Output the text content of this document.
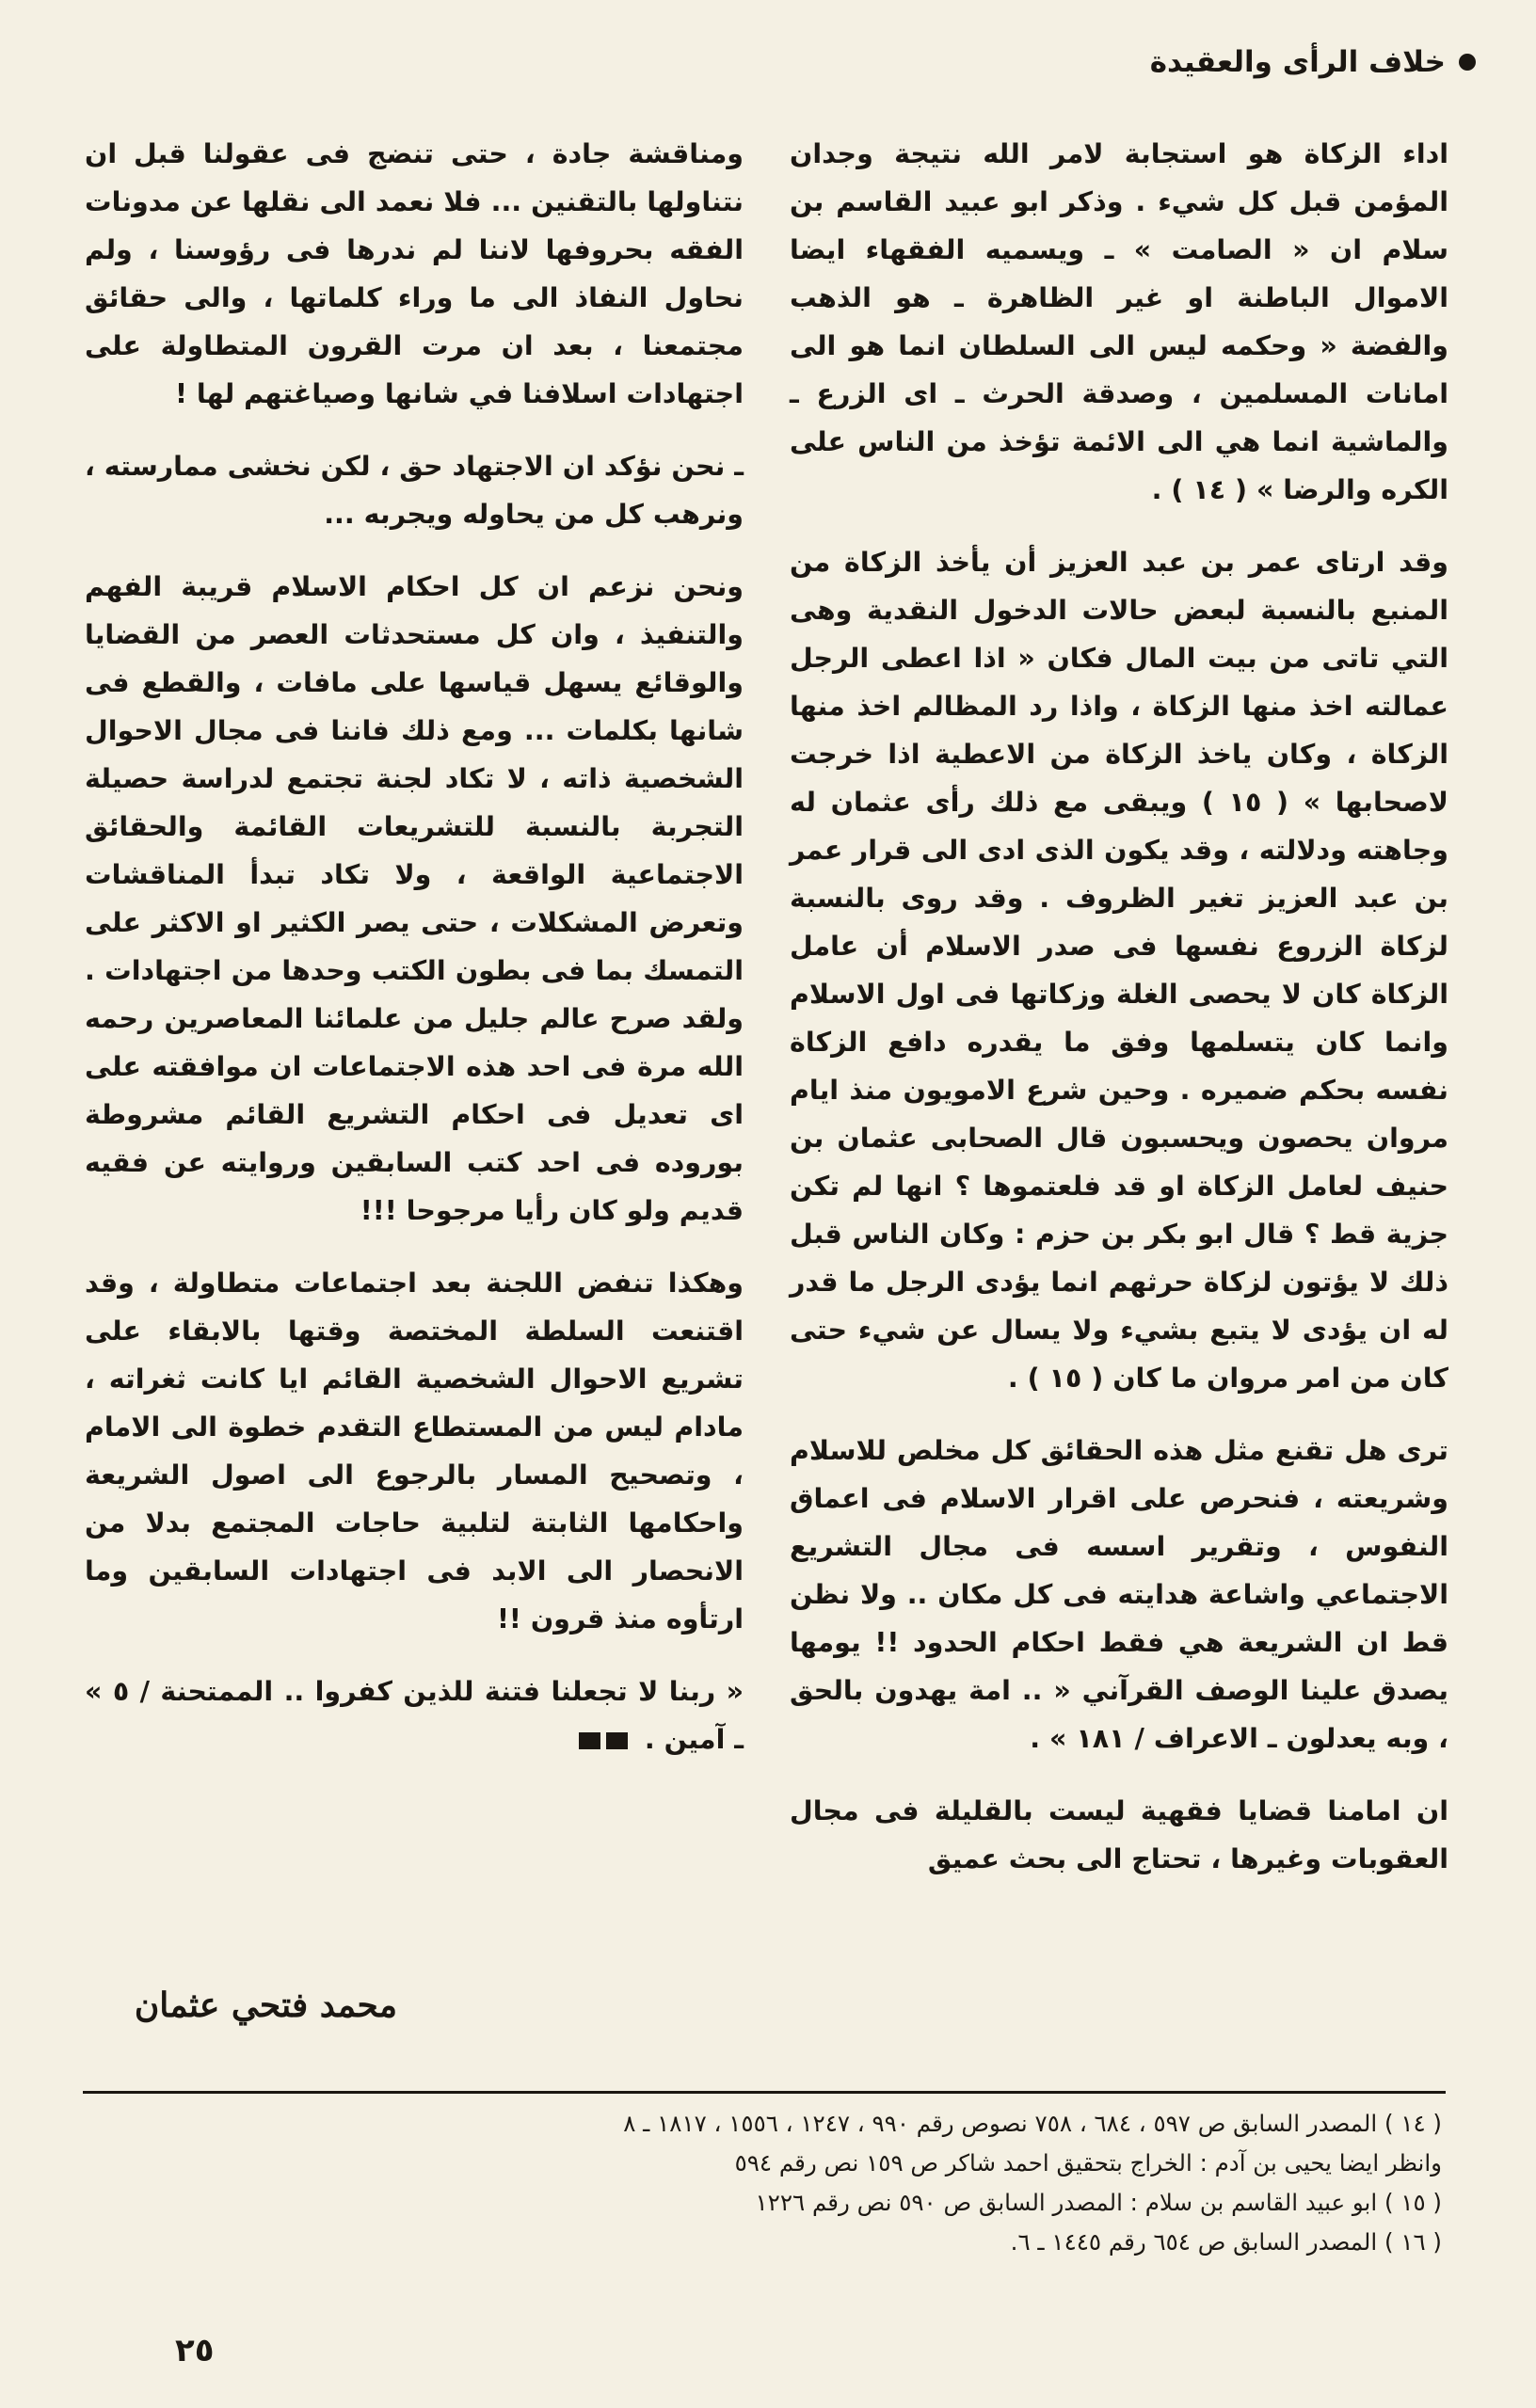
خلاف الرأى والعقيدة

اداء الزكاة هو استجابة لامر الله نتيجة وجدان المؤمن قبل كل شيء . وذكر ابو عبيد القاسم بن سلام ان « الصامت » ـ ويسميه الفقهاء ايضا الاموال الباطنة او غير الظاهرة ـ هو الذهب والفضة « وحكمه ليس الى السلطان انما هو الى امانات المسلمين ، وصدقة الحرث ـ اى الزرع ـ والماشية انما هي الى الائمة تؤخذ من الناس على الكره والرضا » ( ١٤ ) .

وقد ارتاى عمر بن عبد العزيز أن يأخذ الزكاة من المنبع بالنسبة لبعض حالات الدخول النقدية وهى التي تاتى من بيت المال فكان « اذا اعطى الرجل عمالته اخذ منها الزكاة ، واذا رد المظالم اخذ منها الزكاة ، وكان ياخذ الزكاة من الاعطية اذا خرجت لاصحابها » ( ١٥ ) ويبقى مع ذلك رأى عثمان له وجاهته ودلالته ، وقد يكون الذى ادى الى قرار عمر بن عبد العزيز تغير الظروف . وقد روى بالنسبة لزكاة الزروع نفسها فى صدر الاسلام أن عامل الزكاة كان لا يحصى الغلة وزكاتها فى اول الاسلام وانما كان يتسلمها وفق ما يقدره دافع الزكاة نفسه بحكم ضميره . وحين شرع الامويون منذ ايام مروان يحصون ويحسبون قال الصحابى عثمان بن حنيف لعامل الزكاة او قد فلعتموها ؟ انها لم تكن جزية قط ؟ قال ابو بكر بن حزم : وكان الناس قبل ذلك لا يؤتون لزكاة حرثهم انما يؤدى الرجل ما قدر له ان يؤدى لا يتبع بشيء ولا يسال عن شيء حتى كان من امر مروان ما كان ( ١٥ ) .

ترى هل تقنع مثل هذه الحقائق كل مخلص للاسلام وشريعته ، فنحرص على اقرار الاسلام فى اعماق النفوس ، وتقرير اسسه فى مجال التشريع الاجتماعي واشاعة هدايته فى كل مكان .. ولا نظن قط ان الشريعة هي فقط احكام الحدود !! يومها يصدق علينا الوصف القرآني « .. امة يهدون بالحق ، وبه يعدلون ـ الاعراف / ١٨١ » .

ان امامنا قضايا فقهية ليست بالقليلة فى مجال العقوبات وغيرها ، تحتاج الى بحث عميق

ومناقشة جادة ، حتى تنضج فى عقولنا قبل ان نتناولها بالتقنين ... فلا نعمد الى نقلها عن مدونات الفقه بحروفها لاننا لم ندرها فى رؤوسنا ، ولم نحاول النفاذ الى ما وراء كلماتها ، والى حقائق مجتمعنا ، بعد ان مرت القرون المتطاولة على اجتهادات اسلافنا في شانها وصياغتهم لها !

ـ نحن نؤكد ان الاجتهاد حق ، لكن نخشى ممارسته ، ونرهب كل من يحاوله ويجربه ...

ونحن نزعم ان كل احكام الاسلام قريبة الفهم والتنفيذ ، وان كل مستحدثات العصر من القضايا والوقائع يسهل قياسها على مافات ، والقطع فى شانها بكلمات ... ومع ذلك فاننا فى مجال الاحوال الشخصية ذاته ، لا تكاد لجنة تجتمع لدراسة حصيلة التجربة بالنسبة للتشريعات القائمة والحقائق الاجتماعية الواقعة ، ولا تكاد تبدأ المناقشات وتعرض المشكلات ، حتى يصر الكثير او الاكثر على التمسك بما فى بطون الكتب وحدها من اجتهادات . ولقد صرح عالم جليل من علمائنا المعاصرين رحمه الله مرة فى احد هذه الاجتماعات ان موافقته على اى تعديل فى احكام التشريع القائم مشروطة بوروده فى احد كتب السابقين وروايته عن فقيه قديم ولو كان رأيا مرجوحا !!!

وهكذا تنفض اللجنة بعد اجتماعات متطاولة ، وقد اقتنعت السلطة المختصة وقتها بالابقاء على تشريع الاحوال الشخصية القائم ايا كانت ثغراته ، مادام ليس من المستطاع التقدم خطوة الى الامام ، وتصحيح المسار بالرجوع الى اصول الشريعة واحكامها الثابتة لتلبية حاجات المجتمع بدلا من الانحصار الى الابد فى اجتهادات السابقين وما ارتأوه منذ قرون !!

« ربنا لا تجعلنا فتنة للذين كفروا .. الممتحنة / ٥ » ـ آمين .

محمد فتحي عثمان
( ١٤ ) المصدر السابق ص ٥٩٧ ، ٦٨٤ ، ٧٥٨ نصوص رقم ٩٩٠ ، ١٢٤٧ ، ١٥٥٦ ، ١٨١٧ ـ ٨
وانظر ايضا يحيى بن آدم : الخراج بتحقيق احمد شاكر ص ١٥٩ نص رقم ٥٩٤
( ١٥ ) ابو عبيد القاسم بن سلام : المصدر السابق ص ٥٩٠ نص رقم ١٢٢٦
( ١٦ ) المصدر السابق ص ٦٥٤ رقم ١٤٤٥ ـ ٦.
٢٥
